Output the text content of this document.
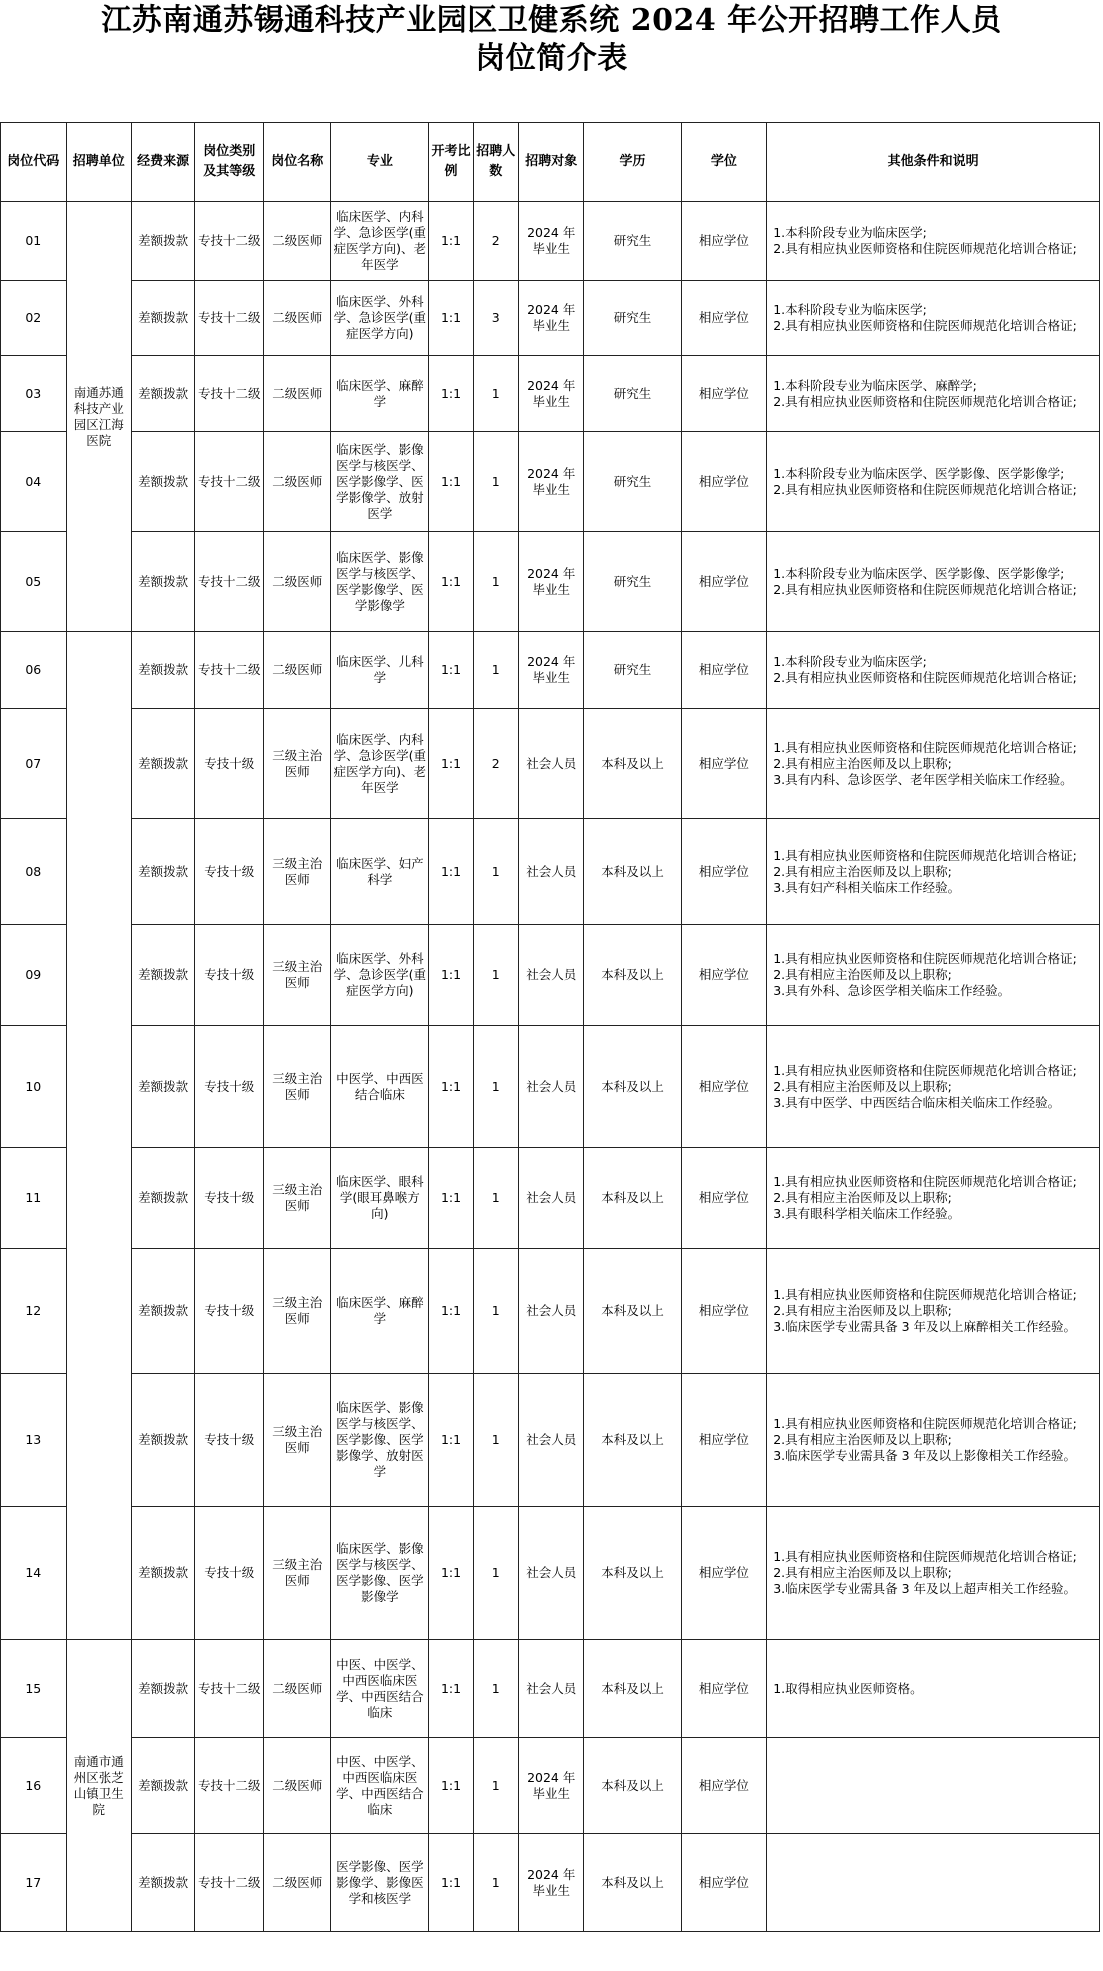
江苏南通苏锡通科技产业园区卫健系统 2024 年公开招聘工作人员
岗位简介表
岗位代码	招聘单位	经费来源	岗位类别及其等级	岗位名称	专业	开考比例	招聘人数	招聘对象	学历	学位	其他条件和说明
01	南通苏通科技产业园区江海医院	差额拨款	专技十二级	二级医师	临床医学、内科学、急诊医学(重症医学方向)、老年医学	1:1	2	2024 年毕业生	研究生	相应学位	1.本科阶段专业为临床医学;
2.具有相应执业医师资格和住院医师规范化培训合格证;

02		差额拨款	专技十二级	二级医师	临床医学、外科学、急诊医学(重症医学方向)	1:1	3	2024 年毕业生	研究生	相应学位	1.本科阶段专业为临床医学;
2.具有相应执业医师资格和住院医师规范化培训合格证;

03		差额拨款	专技十二级	二级医师	临床医学、麻醉学	1:1	1	2024 年毕业生	研究生	相应学位	1.本科阶段专业为临床医学、麻醉学;
2.具有相应执业医师资格和住院医师规范化培训合格证;

04		差额拨款	专技十二级	二级医师	临床医学、影像医学与核医学、医学影像学、医学影像学、放射医学	1:1	1	2024 年毕业生	研究生	相应学位	1.本科阶段专业为临床医学、医学影像、医学影像学;
2.具有相应执业医师资格和住院医师规范化培训合格证;

05		差额拨款	专技十二级	二级医师	临床医学、影像医学与核医学、医学影像学、医学影像学	1:1	1	2024 年毕业生	研究生	相应学位	1.本科阶段专业为临床医学、医学影像、医学影像学;
2.具有相应执业医师资格和住院医师规范化培训合格证;

06		差额拨款	专技十二级	二级医师	临床医学、儿科学	1:1	1	2024 年毕业生	研究生	相应学位	1.本科阶段专业为临床医学;
2.具有相应执业医师资格和住院医师规范化培训合格证;

07		差额拨款	专技十级	三级主治医师	临床医学、内科学、急诊医学(重症医学方向)、老年医学	1:1	2	社会人员	本科及以上	相应学位	1.具有相应执业医师资格和住院医师规范化培训合格证;
2.具有相应主治医师及以上职称;
3.具有内科、急诊医学、老年医学相关临床工作经验。

08		差额拨款	专技十级	三级主治医师	临床医学、妇产科学	1:1	1	社会人员	本科及以上	相应学位	1.具有相应执业医师资格和住院医师规范化培训合格证;
2.具有相应主治医师及以上职称;
3.具有妇产科相关临床工作经验。

09		差额拨款	专技十级	三级主治医师	临床医学、外科学、急诊医学(重症医学方向)	1:1	1	社会人员	本科及以上	相应学位	1.具有相应执业医师资格和住院医师规范化培训合格证;
2.具有相应主治医师及以上职称;
3.具有外科、急诊医学相关临床工作经验。

10		差额拨款	专技十级	三级主治医师	中医学、中西医结合临床	1:1	1	社会人员	本科及以上	相应学位	1.具有相应执业医师资格和住院医师规范化培训合格证;
2.具有相应主治医师及以上职称;
3.具有中医学、中西医结合临床相关临床工作经验。

11		差额拨款	专技十级	三级主治医师	临床医学、眼科学(眼耳鼻喉方向)	1:1	1	社会人员	本科及以上	相应学位	1.具有相应执业医师资格和住院医师规范化培训合格证;
2.具有相应主治医师及以上职称;
3.具有眼科学相关临床工作经验。

12		差额拨款	专技十级	三级主治医师	临床医学、麻醉学	1:1	1	社会人员	本科及以上	相应学位	1.具有相应执业医师资格和住院医师规范化培训合格证;
2.具有相应主治医师及以上职称;
3.临床医学专业需具备 3 年及以上麻醉相关工作经验。

13		差额拨款	专技十级	三级主治医师	临床医学、影像医学与核医学、医学影像、医学影像学、放射医学	1:1	1	社会人员	本科及以上	相应学位	1.具有相应执业医师资格和住院医师规范化培训合格证;
2.具有相应主治医师及以上职称;
3.临床医学专业需具备 3 年及以上影像相关工作经验。

14		差额拨款	专技十级	三级主治医师	临床医学、影像医学与核医学、医学影像、医学影像学	1:1	1	社会人员	本科及以上	相应学位	1.具有相应执业医师资格和住院医师规范化培训合格证;
2.具有相应主治医师及以上职称;
3.临床医学专业需具备 3 年及以上超声相关工作经验。

15	南通市通州区张芝山镇卫生院	差额拨款	专技十二级	二级医师	中医、中医学、中西医临床医学、中西医结合临床	1:1	1	社会人员	本科及以上	相应学位	1.取得相应执业医师资格。

16		差额拨款	专技十二级	二级医师	中医、中医学、中西医临床医学、中西医结合临床	1:1	1	2024 年毕业生	本科及以上	相应学位	
17		差额拨款	专技十二级	二级医师	医学影像、医学影像学、影像医学和核医学	1:1	1	2024 年毕业生	本科及以上	相应学位	
